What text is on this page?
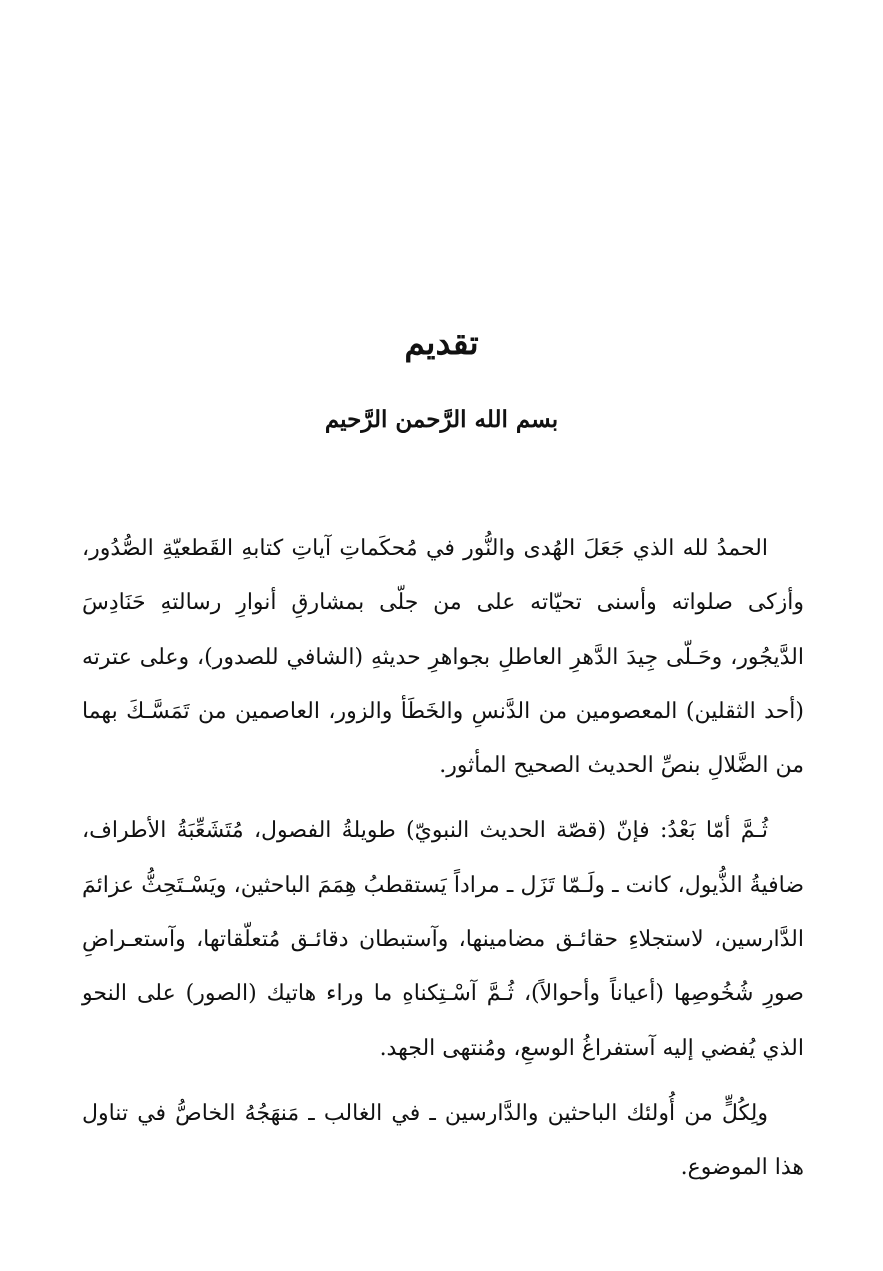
تقديم
بسم الله الرَّحمن الرَّحيم

الحمدُ لله الذي جَعَلَ الهُدى والنُّور في مُحكَماتِ آياتِ كتابهِ القَطعيّةِ الصُّدُور، وأزكى صلواته وأسنى تحيّاته على من جلّى بمشارقِ أنوارِ رسالتهِ حَنَادِسَ الدَّيجُور، وحَـلّى جِيدَ الدَّهرِ العاطلِ بجواهرِ حديثهِ (الشافي للصدور)، وعلى عترته (أحد الثقلين) المعصومين من الدَّنسِ والخَطَأ والزور، العاصمين من تَمَسَّـكَ بهما من الضَّلالِ بنصِّ الحديث الصحيح المأثور.

ثُـمَّ أمّا بَعْدُ: فإنّ (قصّة الحديث النبويّ) طويلةُ الفصول، مُتَشَعِّبَةُ الأطراف، ضافيةُ الذُّيول، كانت ـ ولَـمّا تَزَل ـ مراداً يَستقطبُ هِمَمَ الباحثين، ويَسْـتَحِثُّ عزائمَ الدَّارسين، لاستجلاءِ حقائـق مضامينها، وآستبطان دقائـق مُتعلّقاتها، وآستعـراضِ صورِ شُخُوصِها (أعياناً وأحوالاً)، ثُـمَّ آسْـتِكناهِ ما وراء هاتيك (الصور) على النحو الذي يُفضي إليه آستفراغُ الوسعِ، ومُنتهى الجهد.

ولِكُلٍّ من أُولئك الباحثين والدَّارسين ـ في الغالب ـ مَنهَجُهُ الخاصُّ في تناول هذا الموضوع.
